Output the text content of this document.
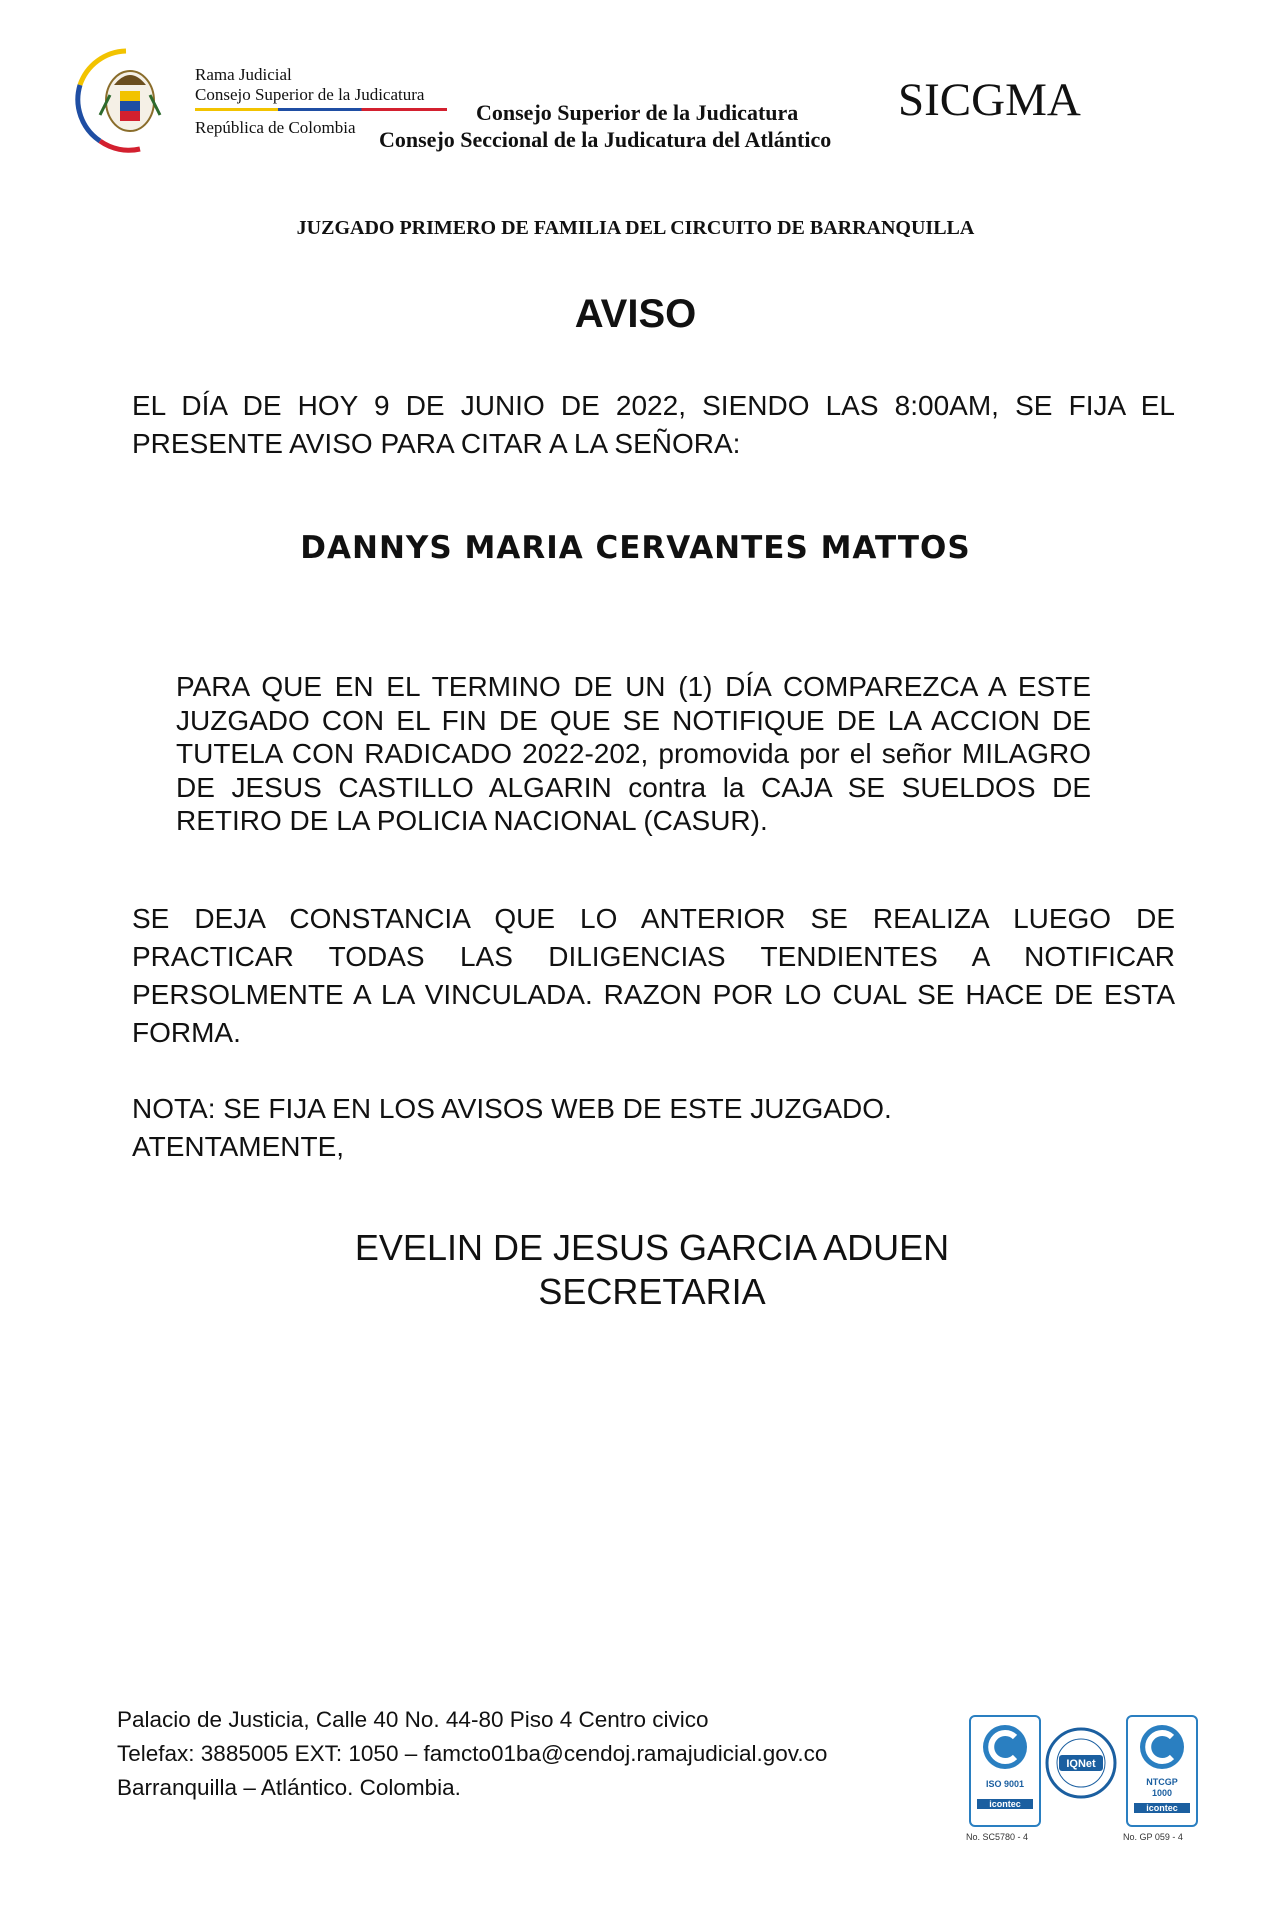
Rama Judicial
Consejo Superior de la Judicatura
República de Colombia
Consejo Superior de la Judicatura
Consejo Seccional de la Judicatura del Atlántico
SICGMA
JUZGADO PRIMERO DE FAMILIA DEL CIRCUITO DE BARRANQUILLA
AVISO
EL DÍA DE HOY 9 DE JUNIO DE 2022, SIENDO LAS 8:00AM, SE FIJA EL PRESENTE AVISO PARA CITAR A LA SEÑORA:
DANNYS MARIA CERVANTES MATTOS
PARA QUE EN EL TERMINO DE UN (1) DÍA COMPAREZCA A ESTE JUZGADO CON EL FIN DE QUE SE NOTIFIQUE DE LA ACCION DE TUTELA CON RADICADO 2022-202, promovida por el señor MILAGRO DE JESUS CASTILLO ALGARIN contra la CAJA SE SUELDOS DE RETIRO DE LA POLICIA NACIONAL (CASUR).
SE DEJA CONSTANCIA QUE LO ANTERIOR SE REALIZA LUEGO DE PRACTICAR TODAS LAS DILIGENCIAS TENDIENTES A NOTIFICAR PERSOLMENTE A LA VINCULADA. RAZON POR LO CUAL SE HACE DE ESTA FORMA.
NOTA: SE FIJA EN LOS AVISOS WEB DE ESTE JUZGADO.
ATENTAMENTE,
EVELIN DE JESUS GARCIA ADUEN
SECRETARIA
Palacio de Justicia, Calle 40 No. 44-80 Piso 4 Centro civico
Telefax: 3885005 EXT: 1050 – famcto01ba@cendoj.ramajudicial.gov.co
Barranquilla – Atlántico. Colombia.	ISO 9001
icontec
No. SC5780 - 4
IQNet
NTCGP 1000
icontec
No. GP 059 - 4
